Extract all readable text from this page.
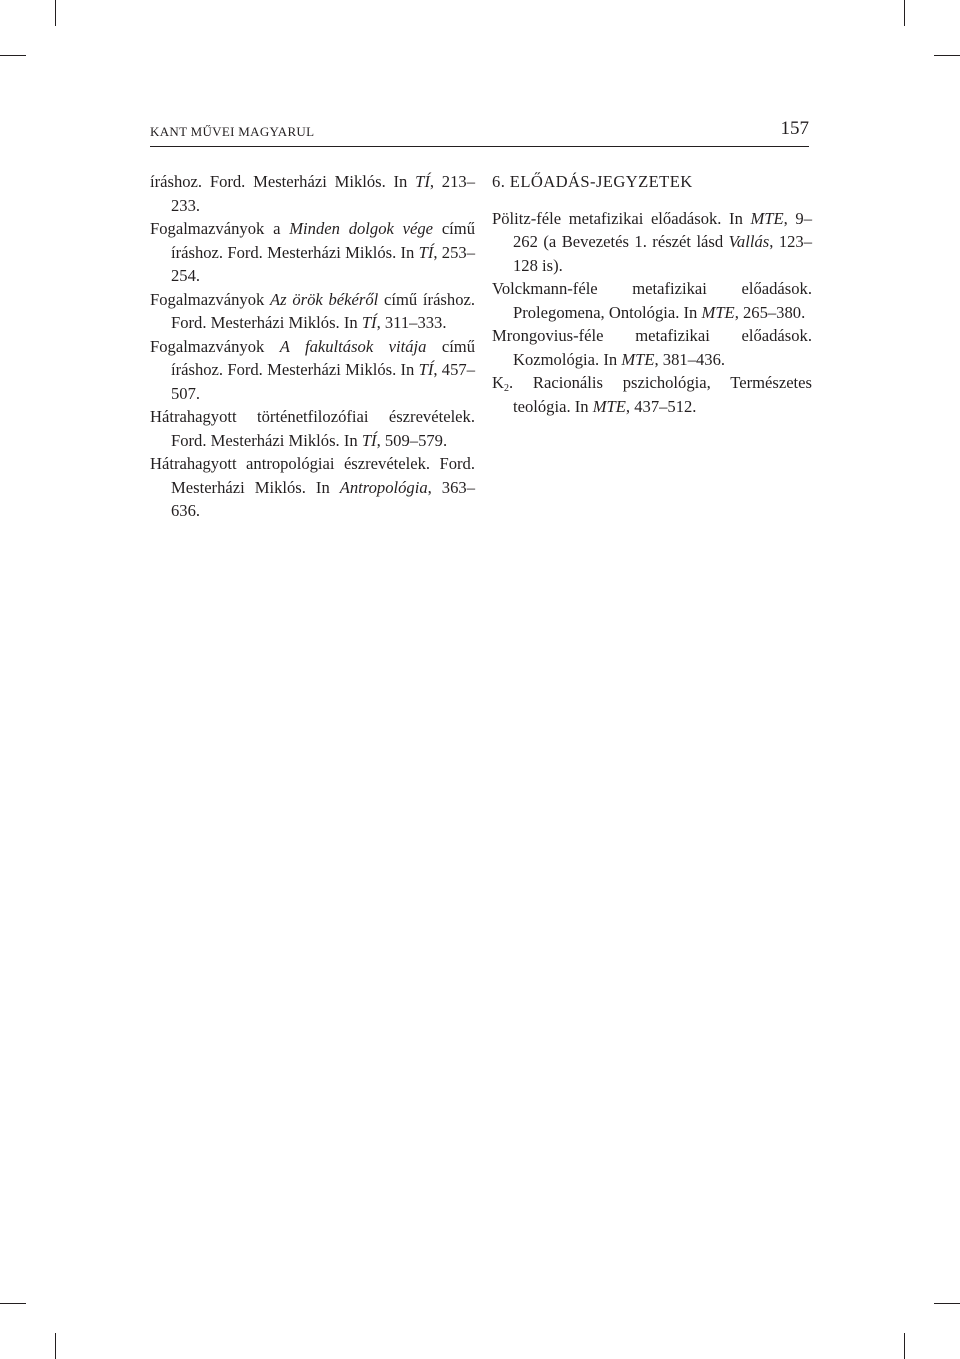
KANT MŰVEI MAGYARUL	157
íráshoz. Ford. Mesterházi Miklós. In TÍ, 213–233.
Fogalmazványok a Minden dolgok vége című íráshoz. Ford. Mesterházi Miklós. In TÍ, 253–254.
Fogalmazványok Az örök békéről című íráshoz. Ford. Mesterházi Miklós. In TÍ, 311–333.
Fogalmazványok A fakultások vitája című íráshoz. Ford. Mesterházi Miklós. In TÍ, 457–507.
Hátrahagyott történetfilozófiai észrevételek. Ford. Mesterházi Miklós. In TÍ, 509–579.
Hátrahagyott antropológiai észrevételek. Ford. Mesterházi Miklós. In Antropológia, 363–636.
6. ELŐADÁS-JEGYZETEK
Pölitz-féle metafizikai előadások. In MTE, 9–262 (a Bevezetés 1. részét lásd Vallás, 123–128 is).
Volckmann-féle metafizikai előadások. Prolegomena, Ontológia. In MTE, 265–380.
Mrongovius-féle metafizikai előadások. Kozmológia. In MTE, 381–436.
$K_2$. Racionális pszichológia, Természetes teológia. In MTE, 437–512.
